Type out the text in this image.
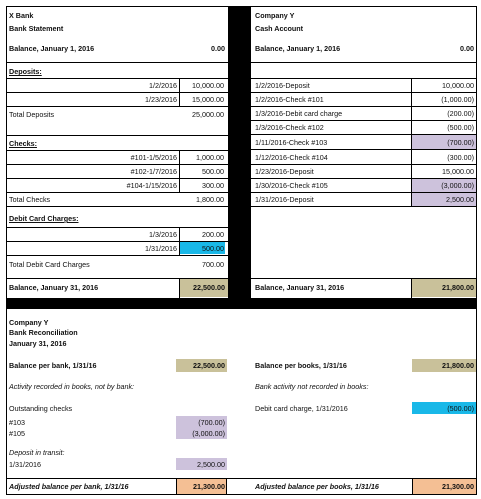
X Bank
Bank Statement
Balance, January 1, 2016	0.00
Deposits:
1/2/2016	10,000.00
1/23/2016	15,000.00
Total Deposits	25,000.00
Checks:
#101-1/5/2016	1,000.00
#102-1/7/2016	500.00
#104-1/15/2016	300.00
Total Checks	1,800.00
Debit Card Charges:
1/3/2016	200.00
1/31/2016	500.00
Total Debit Card Charges	700.00
Balance, January 31, 2016	22,500.00
Company Y
Cash Account
Balance, January 1, 2016	0.00
1/2/2016-Deposit	10,000.00
1/2/2016-Check #101	(1,000.00)
1/3/2016-Debit card charge	(200.00)
1/3/2016-Check #102	(500.00)
1/11/2016-Check #103	(700.00)
1/12/2016-Check #104	(300.00)
1/23/2016-Deposit	15,000.00
1/30/2016-Check #105	(3,000.00)
1/31/2016-Deposit	2,500.00
Balance, January 31, 2016	21,800.00
Company Y
Bank Reconciliation
January 31, 2016
Balance per bank, 1/31/16	22,500.00	Balance per books, 1/31/16	21,800.00
Activity recorded in books, not by bank:	Bank activity not recorded in books:
Outstanding checks	Debit card charge, 1/31/2016	(500.00)
#103	(700.00)
#105	(3,000.00)
Deposit in transit:
1/31/2016	2,500.00
Adjusted balance per bank, 1/31/16	21,300.00	Adjusted balance per books, 1/31/16	21,300.00
